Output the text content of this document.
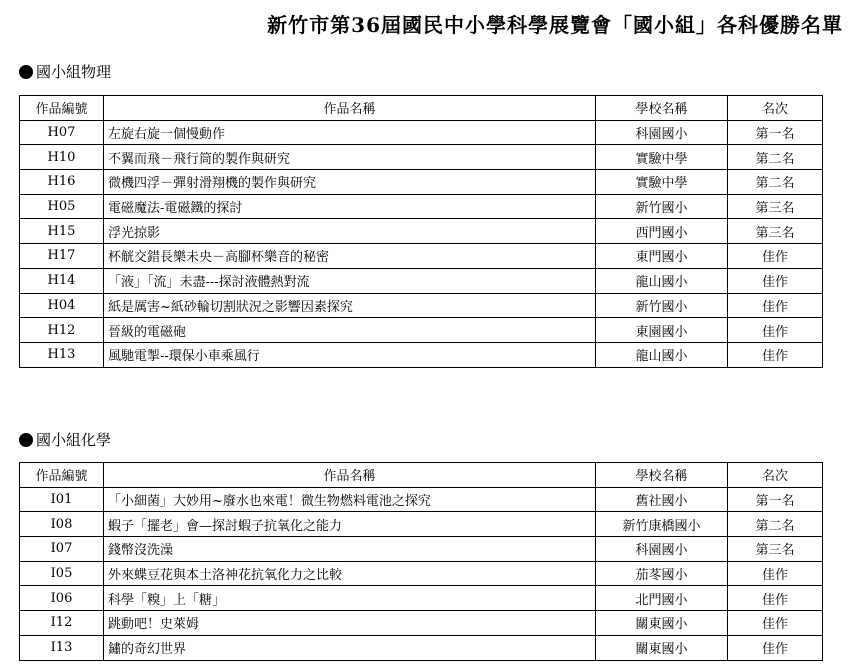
新竹市第36屆國民中小學科學展覽會「國小組」各科優勝名單
國小組物理
作品編號	作品名稱	學校名稱	名次
H07	左旋右旋一個慢動作	科園國小	第一名
H10	不翼而飛－飛行筒的製作與研究	實驗中學	第二名
H16	微機四浮－彈射滑翔機的製作與研究	實驗中學	第二名
H05	電磁魔法-電磁鐵的探討	新竹國小	第三名
H15	浮光掠影	西門國小	第三名
H17	杯觥交錯長樂未央－高腳杯樂音的秘密	東門國小	佳作
H14	「液」「流」未盡---探討液體熱對流	龍山國小	佳作
H04	紙是厲害~紙砂輪切割狀況之影響因素探究	新竹國小	佳作
H12	晉級的電磁砲	東園國小	佳作
H13	風馳電掣--環保小車乘風行	龍山國小	佳作
國小組化學
作品編號	作品名稱	學校名稱	名次
I01	「小細菌」大妙用~廢水也來電！微生物燃料電池之探究	舊社國小	第一名
I08	蝦子「擺老」會—探討蝦子抗氧化之能力	新竹康橋國小	第二名
I07	錢幣沒洗澡	科園國小	第三名
I05	外來蝶豆花與本土洛神花抗氧化力之比較	茄苳國小	佳作
I06	科學「糗」上「糖」	北門國小	佳作
I12	跳動吧！史萊姆	關東國小	佳作
I13	鏽的奇幻世界	關東國小	佳作
